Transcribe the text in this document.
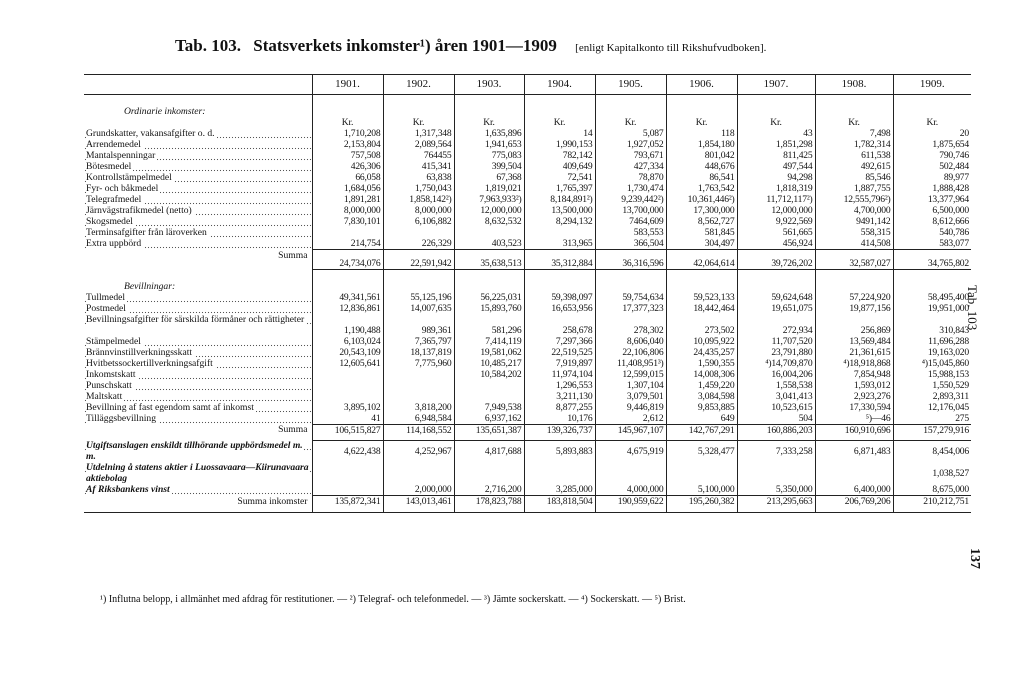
Tab. 103. Statsverkets inkomster¹) åren 1901—1909 [enligt Kapitalkonto till Rikshufvudboken].
	1901.	1902.	1903.	1904.	1905.	1906.	1907.	1908.	1909.
Ordinarie inkomster:									
	Kr.	Kr.	Kr.	Kr.	Kr.	Kr.	Kr.	Kr.	Kr.
Grundskatter, vakansafgifter o. d.	1,710,208	1,317,348	1,635,896	14	5,087	118	43	7,498	20
Arrendemedel	2,153,804	2,089,564	1,941,653	1,990,153	1,927,052	1,854,180	1,851,298	1,782,314	1,875,654
Mantalspenningar	757,508	764455	775,083	782,142	793,671	801,042	811,425	611,538	790,746
Bötesmedel	426,306	415,341	399,504	409,649	427,334	448,676	497,544	492,615	502,484
Kontrollstämpelmedel	66,058	63,838	67,368	72,541	78,870	86,541	94,298	85,546	89,977
Fyr- och båkmedel	1,684,056	1,750,043	1,819,021	1,765,397	1,730,474	1,763,542	1,818,319	1,887,755	1,888,428
Telegrafmedel	1,891,281	1,858,142²)	7,963,933²)	8,184,891²)	9,239,442²)	10,361,446²)	11,712,117²)	12,555,796²)	13,377,964
Järnvägstrafikmedel (netto)	8,000,000	8,000,000	12,000,000	13,500,000	13,700,000	17,300,000	12,000,000	4,700,000	6,500,000
Skogsmedel	7,830,101	6,106,882	8,632,532	8,294,132	7464,609	8,562,727	9,922,569	9491,142	8,612,666
Terminsafgifter från läroverken					583,553	581,845	561,665	558,315	540,786
Extra uppbörd	214,754	226,329	403,523	313,965	366,504	304,497	456,924	414,508	583,077
Summa	24,734,076	22,591,942	35,638,513	35,312,884	36,316,596	42,064,614	39,726,202	32,587,027	34,765,802
Bevillningar:									
Tullmedel	49,341,561	55,125,196	56,225,031	59,398,097	59,754,634	59,523,133	59,624,648	57,224,920	58,495,400
Postmedel	12,836,861	14,007,635	15,893,760	16,653,956	17,377,323	18,442,464	19,651,075	19,877,156	19,951,000
Bevillningsafgifter för särskilda förmåner och rättigheter	1,190,488	989,361	581,296	258,678	278,302	273,502	272,934	256,869	310,843
Stämpelmedel	6,103,024	7,365,797	7,414,119	7,297,366	8,606,040	10,095,922	11,707,520	13,569,484	11,696,288
Brännvinstillverkningsskatt	20,543,109	18,137,819	19,581,062	22,519,525	22,106,806	24,435,257	23,791,880	21,361,615	19,163,020
Hvitbetssockertillverkningsafgift	12,605,641	7,775,960	10,485,217	7,919,897	11,408,951³)	1,590,355	⁴)14,709,870	⁴)18,918,868	⁴)15,045,860
Inkomstskatt			10,584,202	11,974,104	12,599,015	14,008,306	16,004,206	7,854,948	15,988,153
Punschskatt				1,296,553	1,307,104	1,459,220	1,558,538	1,593,012	1,550,529
Maltskatt				3,211,130	3,079,501	3,084,598	3,041,413	2,923,276	2,893,311
Bevillning af fast egendom samt af inkomst	3,895,102	3,818,200	7,949,538	8,877,255	9,446,819	9,853,885	10,523,615	17,330,594	12,176,045
Tilläggsbevillning	41	6,948,584	6,937,162	10,176	2,612	649	504	⁵)—46	275
Summa	106,515,827	114,168,552	135,651,387	139,326,737	145,967,107	142,767,291	160,886,203	160,910,696	157,279,916
Utgiftsanslagen enskildt tillhörande uppbördsmedel m. m.	4,622,438	4,252,967	4,817,688	5,893,883	4,675,919	5,328,477	7,333,258	6,871,483	8,454,006
Utdelning å statens aktier i Luossavaara—Kiirunavaara aktiebolag									1,038,527
Af Riksbankens vinst		2,000,000	2,716,200	3,285,000	4,000,000	5,100,000	5,350,000	6,400,000	8,675,000
Summa inkomster	135,872,341	143,013,461	178,823,788	183,818,504	190,959,622	195,260,382	213,295,663	206,769,206	210,212,751
¹) Influtna belopp, i allmänhet med afdrag för restitutioner. — ²) Telegraf- och telefonmedel. — ³) Jämte sockerskatt. — ⁴) Sockerskatt. — ⁵) Brist.
Tab. 103
137
